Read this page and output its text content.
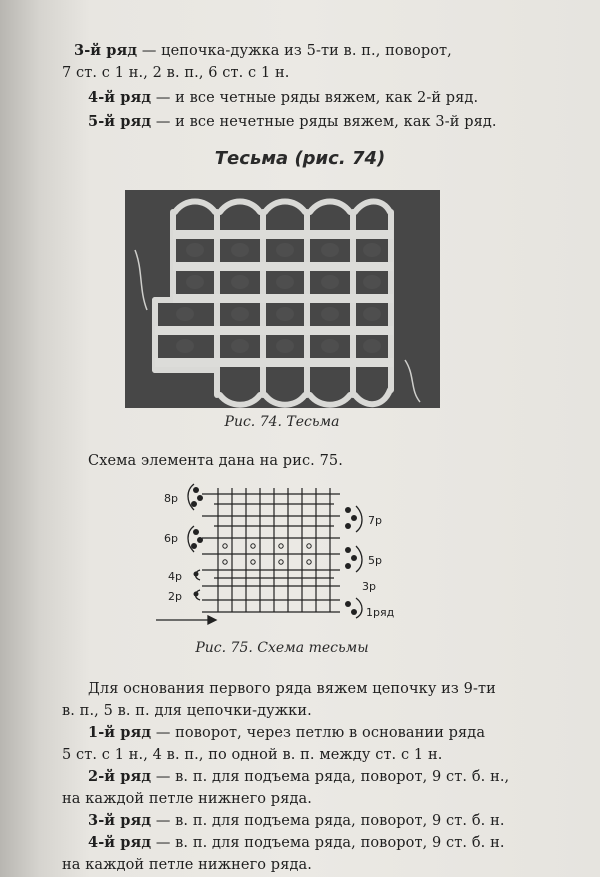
3-й ряд — цепочка-дужка из 5-ти в. п., поворот,
7 ст. с 1 н., 2 в. п., 6 ст. с 1 н.
4-й ряд — и все четные ряды вяжем, как 2-й ряд.
5-й ряд — и все нечетные ряды вяжем, как 3-й ряд.
Тесьма (рис. 74)
Рис. 74. Тесьма
Схема элемента дана на рис. 75.
8р
7р
6р
5р
4р
3р
2р
1ряд
Рис. 75. Схема тесьмы
Для основания первого ряда вяжем цепочку из 9-ти
в. п., 5 в. п. для цепочки-дужки.
1-й ряд — поворот, через петлю в основании ряда
5 ст. с 1 н., 4 в. п., по одной в. п. между ст. с 1 н.
2-й ряд — в. п. для подъема ряда, поворот, 9 ст. б. н.,
на каждой петле нижнего ряда.
3-й ряд — в. п. для подъема ряда, поворот, 9 ст. б. н.
4-й ряд — в. п. для подъема ряда, поворот, 9 ст. б. н.
на каждой петле нижнего ряда.
